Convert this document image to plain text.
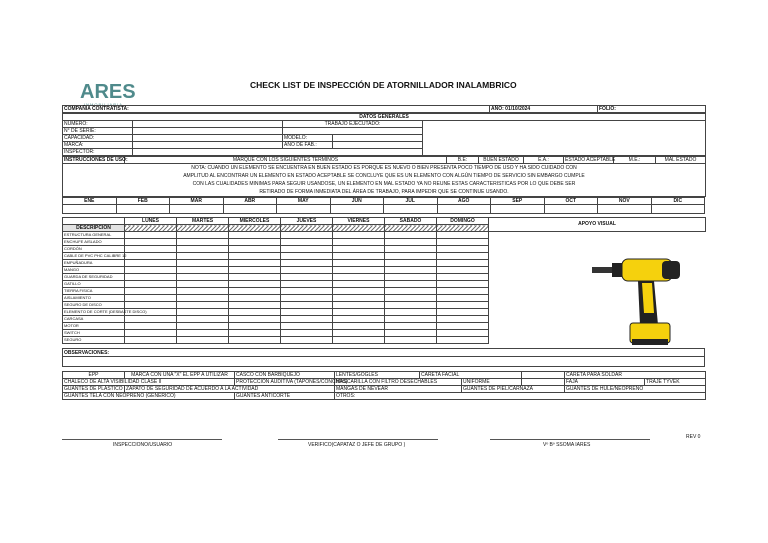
ARES
INMOBILIARIA
CHECK LIST DE INSPECCIÓN DE ATORNILLADOR INALAMBRICO
COMPAÑIA CONTRATISTA:	AÑO: 01/10/2024	FOLIO:
DATOS GENERALES				
NUMERO:		TRABAJO EJECUTADO:		
N° DE SERIE:				
CAPACIDAD:		MODELO:		
MARCA:		AÑO DE FAB.:		
INSPECTOR:				
INSTRUCCIONES DE USO:	MARQUE CON LOS SIGUIENTES TERMINOS	B.E:	BUEN ESTADO	E.A.:	ESTADO ACEPTABLE	M.E.:	MAL ESTADO
NOTA: CUANDO UN ELEMENTO SE ENCUENTRA EN BUEN ESTADO ES PORQUE ES NUEVO O BIEN PRESENTA POCO TIEMPO DE USO Y HA SIDO CUIDADO CON AMPLITUD AL ENCONTRAR UN ELEMENTO EN ESTADO ACEPTABLE SE CONCLUYE QUE ES UN ELEMENTO CON ALGÚN TIEMPO DE SERVICIO SIN EMBARGO CUMPLE CON LAS CUALIDADES MINIMAS PARA SEGUIR USANDOSE, UN ELEMENTO EN MAL ESTADO YA NO REUNE ESTAS CARACTERISTICAS POR LO QUE DEBE SER RETIRADO DE FORMA INMEDIATA DEL ÁREA DE TRABAJO, PARA IMPEDIR QUE SE CONTINUE USANDO.
ENE	FEB	MAR	ABR	MAY	JUN	JUL	AGO	SEP	OCT	NOV	DIC

	LUNES	MARTES	MIERCOLES	JUEVES	VIERNES	SABADO	DOMINGO	APOYO VISUAL
DESCRIPCION								
ESTRUCTURA GENERAL								
ENCHUFE AISLADO								
CORDÓN								
CABLE DE PVC PHC CALIBRE 12								
EMPUÑADURA								
MANGO								
GUARDA DE SEGURIDAD								
GATILLO								
TIERRA FISICA								
AISLAMIENTO								
SEGURO DE DISCO								
ELEMENTO DE CORTE (DESBASTE DISCO)								
CARCASA								
MOTOR								
SWITCH								
SEGURO								
OBSERVACIONES:

EPP	MARCA CON UNA "X" EL EPP A UTILIZAR	CASCO CON BARBIQUEJO	LENTES/GOGLES	CARETA FACIAL			CARETA PARA SOLDAR	
CHALECO DE ALTA VISIBILIDAD CLASE II		PROTECCIÓN AUDITIVA (TAPONES/CONCHAS)	MASCARILLA CON FILTRO DESECHABLES		UNIFORME		FAJA	TRAJE TYVEK
GUANTES DE PLASTICO	ZAPATO DE SEGURIDAD DE ACUERDO A LA ACTIVIDAD		MANGAS DE NEVEAR		GUANTES DE PIEL/CARNAZA		GUANTES DE HULE/NEOPRENO	
GUANTES TELA CON NEOPRENO (GENERICO)		GUANTES ANTICORTE	OTROS:					
INSPECCIONO/USUARIO	VERIFICO(CAPATAZ O JEFE DE GRUPO )	Vº Bº SSOMA IARES
REV 0
